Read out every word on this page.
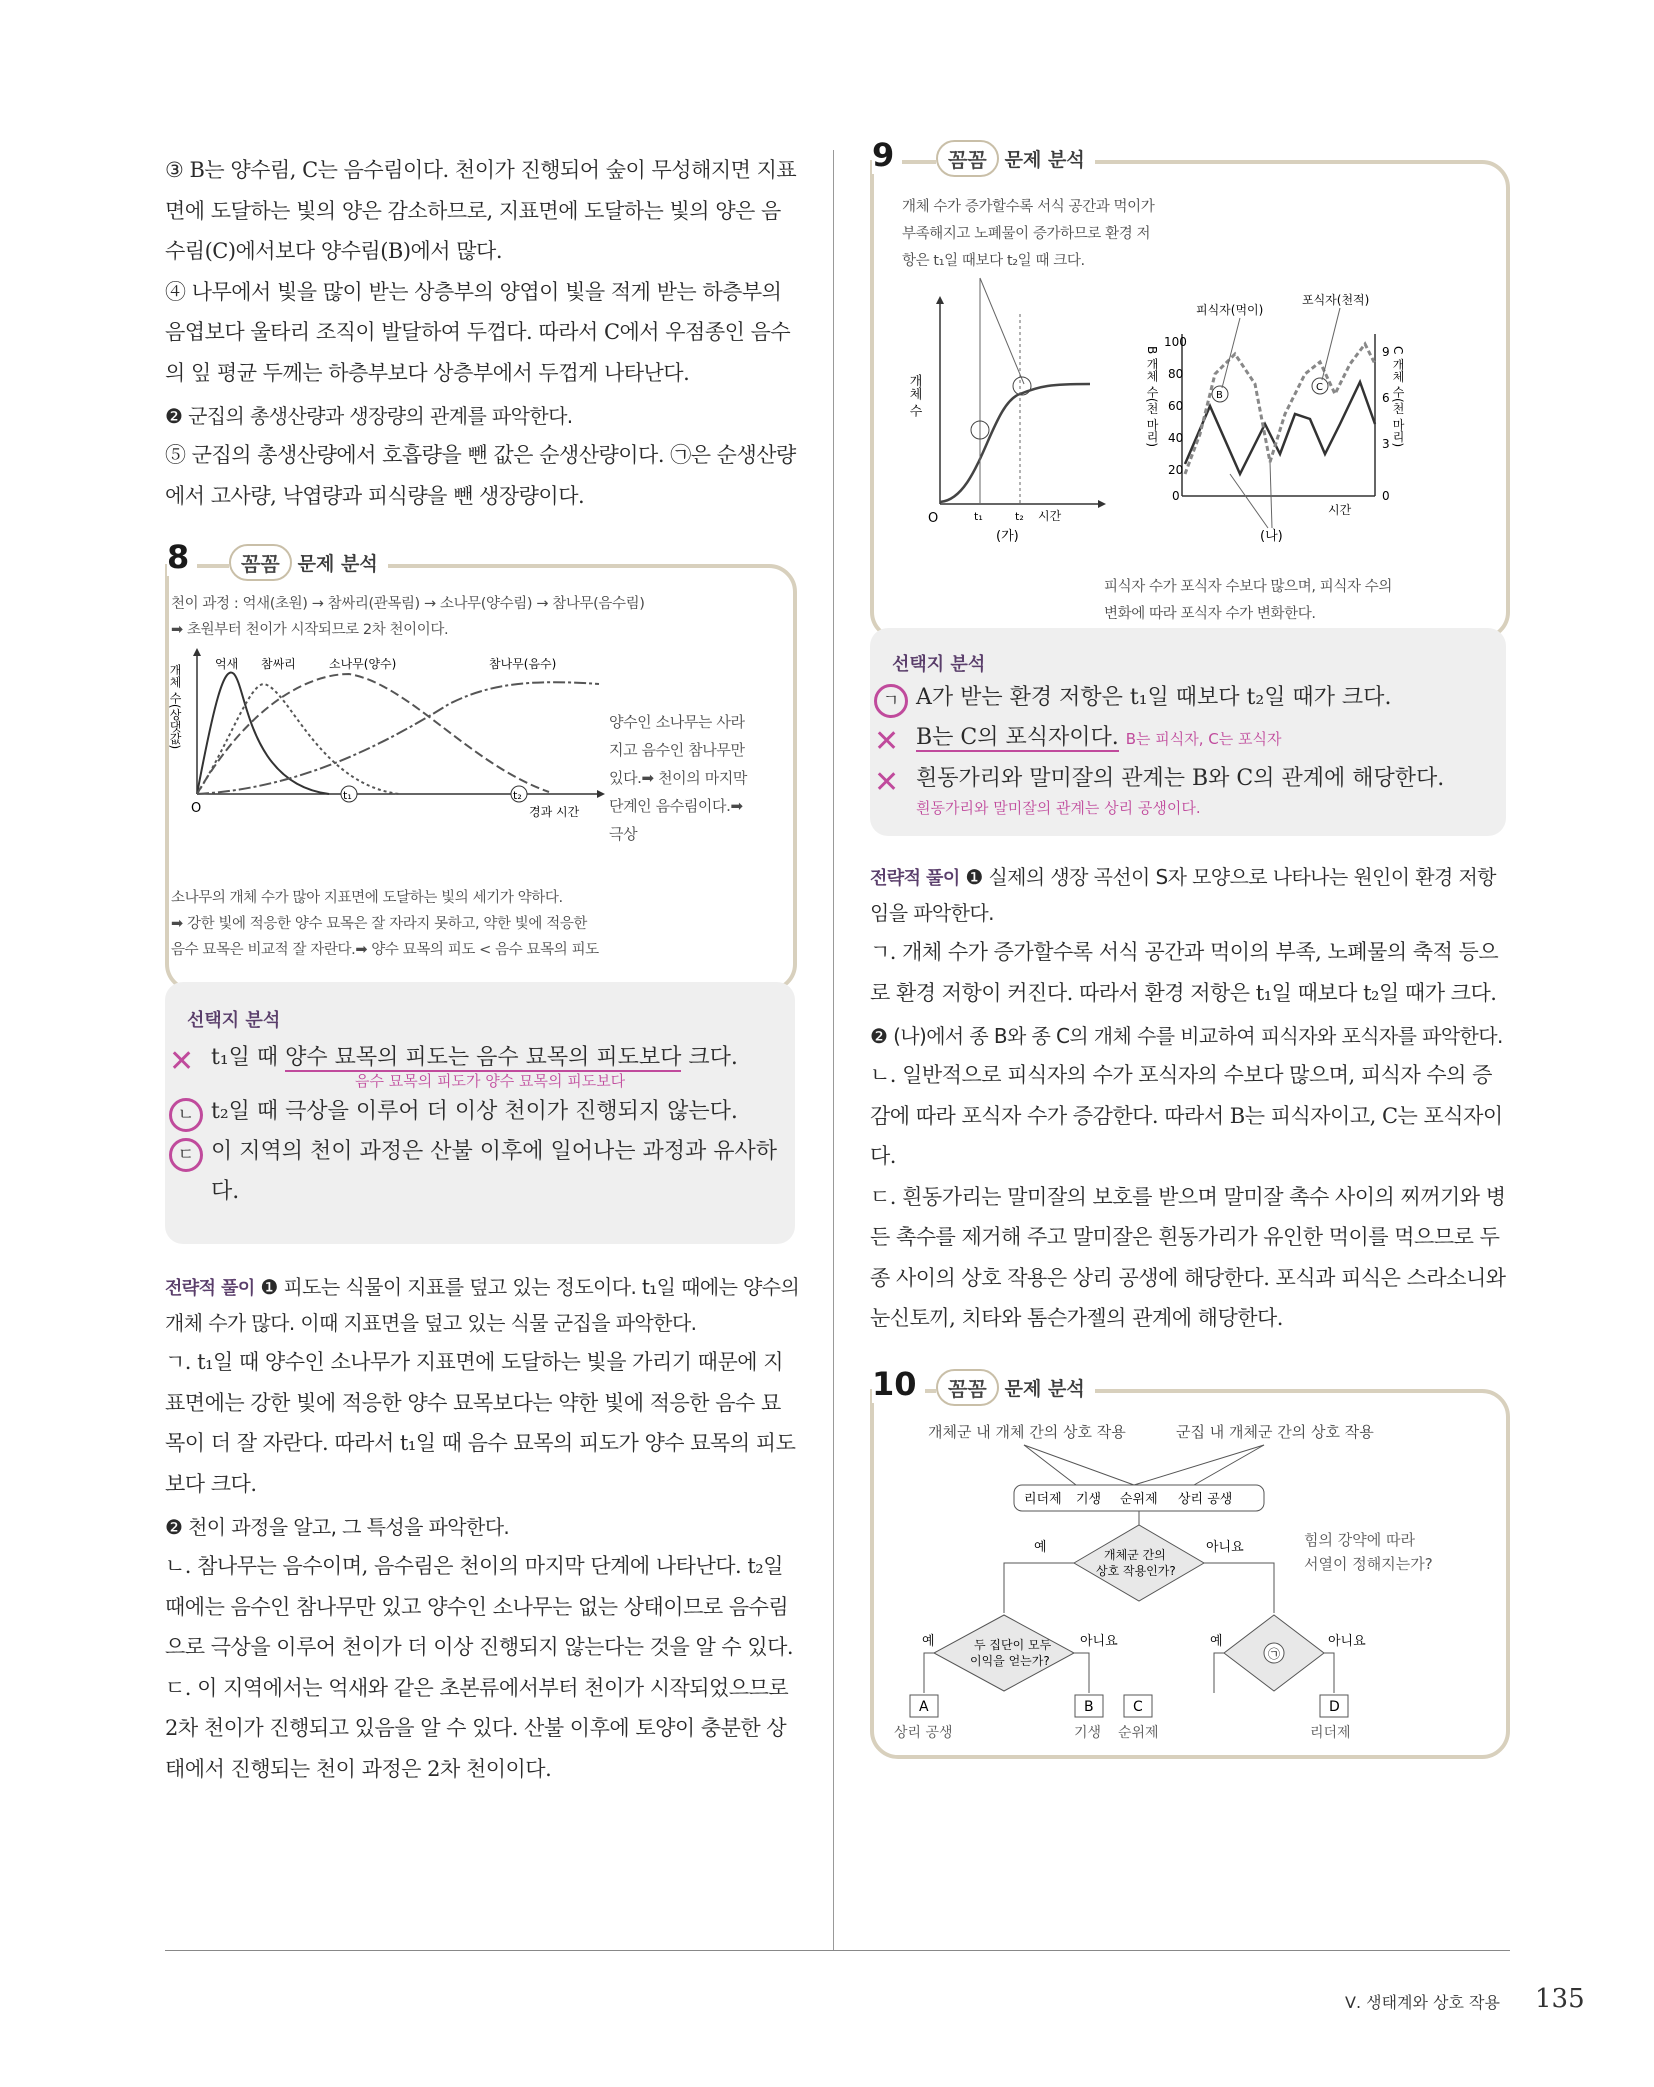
③ B는 양수림, C는 음수림이다. 천이가 진행되어 숲이 무성해지면 지표면에 도달하는 빛의 양은 감소하므로, 지표면에 도달하는 빛의 양은 음수림(C)에서보다 양수림(B)에서 많다.

④ 나무에서 빛을 많이 받는 상층부의 양엽이 빛을 적게 받는 하층부의 음엽보다 울타리 조직이 발달하여 두껍다. 따라서 C에서 우점종인 음수의 잎 평균 두께는 하층부보다 상층부에서 두껍게 나타난다.

❷ 군집의 총생산량과 생장량의 관계를 파악한다.

⑤ 군집의 총생산량에서 호흡량을 뺀 값은 순생산량이다. ㉠은 순생산량에서 고사량, 낙엽량과 피식량을 뺀 생장량이다.

8	꼼꼼 문제 분석
천이 과정 : 억새(초원) → 참싸리(관목림) → 소나무(양수림) → 참나무(음수림)
➡ 초원부터 천이가 시작되므로 2차 천이이다.
O
t₁	t₂
경과 시간
억새 참싸리	소나무(양수)	참나무(음수)
개체 수(상댓값)	양수인 소나무는 사라
지고 음수인 참나무만
있다.➡ 천이의 마지막
단계인 음수림이다.➡
극상
소나무의 개체 수가 많아 지표면에 도달하는 빛의 세기가 약하다.
➡ 강한 빛에 적응한 양수 묘목은 잘 자라지 못하고, 약한 빛에 적응한
음수 묘목은 비교적 잘 자란다.➡ 양수 묘목의 피도 < 음수 묘목의 피도
선택지 분석
✕ t₁일 때 양수 묘목의 피도는 음수 묘목의 피도보다 크다.
음수 묘목의 피도가 양수 묘목의 피도보다
ㄴ t₂일 때 극상을 이루어 더 이상 천이가 진행되지 않는다.
ㄷ 이 지역의 천이 과정은 산불 이후에 일어나는 과정과 유사하다.

전략적 풀이 ❶ 피도는 식물이 지표를 덮고 있는 정도이다. t₁일 때에는 양수의 개체 수가 많다. 이때 지표면을 덮고 있는 식물 군집을 파악한다.

ㄱ. t₁일 때 양수인 소나무가 지표면에 도달하는 빛을 가리기 때문에 지표면에는 강한 빛에 적응한 양수 묘목보다는 약한 빛에 적응한 음수 묘목이 더 잘 자란다. 따라서 t₁일 때 음수 묘목의 피도가 양수 묘목의 피도보다 크다.

❷ 천이 과정을 알고, 그 특성을 파악한다.

ㄴ. 참나무는 음수이며, 음수림은 천이의 마지막 단계에 나타난다. t₂일 때에는 음수인 참나무만 있고 양수인 소나무는 없는 상태이므로 음수림으로 극상을 이루어 천이가 더 이상 진행되지 않는다는 것을 알 수 있다.

ㄷ. 이 지역에서는 억새와 같은 초본류에서부터 천이가 시작되었으므로 2차 천이가 진행되고 있음을 알 수 있다. 산불 이후에 토양이 충분한 상태에서 진행되는 천이 과정은 2차 천이이다.

9	꼼꼼 문제 분석
개체 수가 증가할수록 서식 공간과 먹이가
부족해지고 노폐물이 증가하므로 환경 저
항은 t₁일 때보다 t₂일 때 크다.
개체 수
O	t₁	t₂ 시간
(가)
B
C
B 개체 수(천 마리)	C 개체 수(천 마리)
100
80
60
40
20
0
9
6
3
0
피식자(먹이)
포식자(천적)
시간
(나)
피식자 수가 포식자 수보다 많으며, 피식자 수의
변화에 따라 포식자 수가 변화한다.
선택지 분석
ㄱ A가 받는 환경 저항은 t₁일 때보다 t₂일 때가 크다.
✕ B는 C의 포식자이다. B는 피식자, C는 포식자
✕ 흰동가리와 말미잘의 관계는 B와 C의 관계에 해당한다.
흰동가리와 말미잘의 관계는 상리 공생이다.

전략적 풀이 ❶ 실제의 생장 곡선이 S자 모양으로 나타나는 원인이 환경 저항임을 파악한다.

ㄱ. 개체 수가 증가할수록 서식 공간과 먹이의 부족, 노폐물의 축적 등으로 환경 저항이 커진다. 따라서 환경 저항은 t₁일 때보다 t₂일 때가 크다.

❷ (나)에서 종 B와 종 C의 개체 수를 비교하여 피식자와 포식자를 파악한다.

ㄴ. 일반적으로 피식자의 수가 포식자의 수보다 많으며, 피식자 수의 증감에 따라 포식자 수가 증감한다. 따라서 B는 피식자이고, C는 포식자이다.

ㄷ. 흰동가리는 말미잘의 보호를 받으며 말미잘 촉수 사이의 찌꺼기와 병든 촉수를 제거해 주고 말미잘은 흰동가리가 유인한 먹이를 먹으므로 두 종 사이의 상호 작용은 상리 공생에 해당한다. 포식과 피식은 스라소니와 눈신토끼, 치타와 톰슨가젤의 관계에 해당한다.

10	꼼꼼 문제 분석
개체군 내 개체 간의 상호 작용	군집 내 개체군 간의 상호 작용
리더제 기생 순위제 상리 공생
개체군 간의
상호 작용인가?
예	아니요	힘의 강약에 따라
서열이 정해지는가?
두 집단이 모두
이익을 얻는가?
예	아니요
㉠
예	아니요
A	B	C	D
상리 공생	기생 순위제	리더제
Ⅴ. 생태계와 상호 작용 135
